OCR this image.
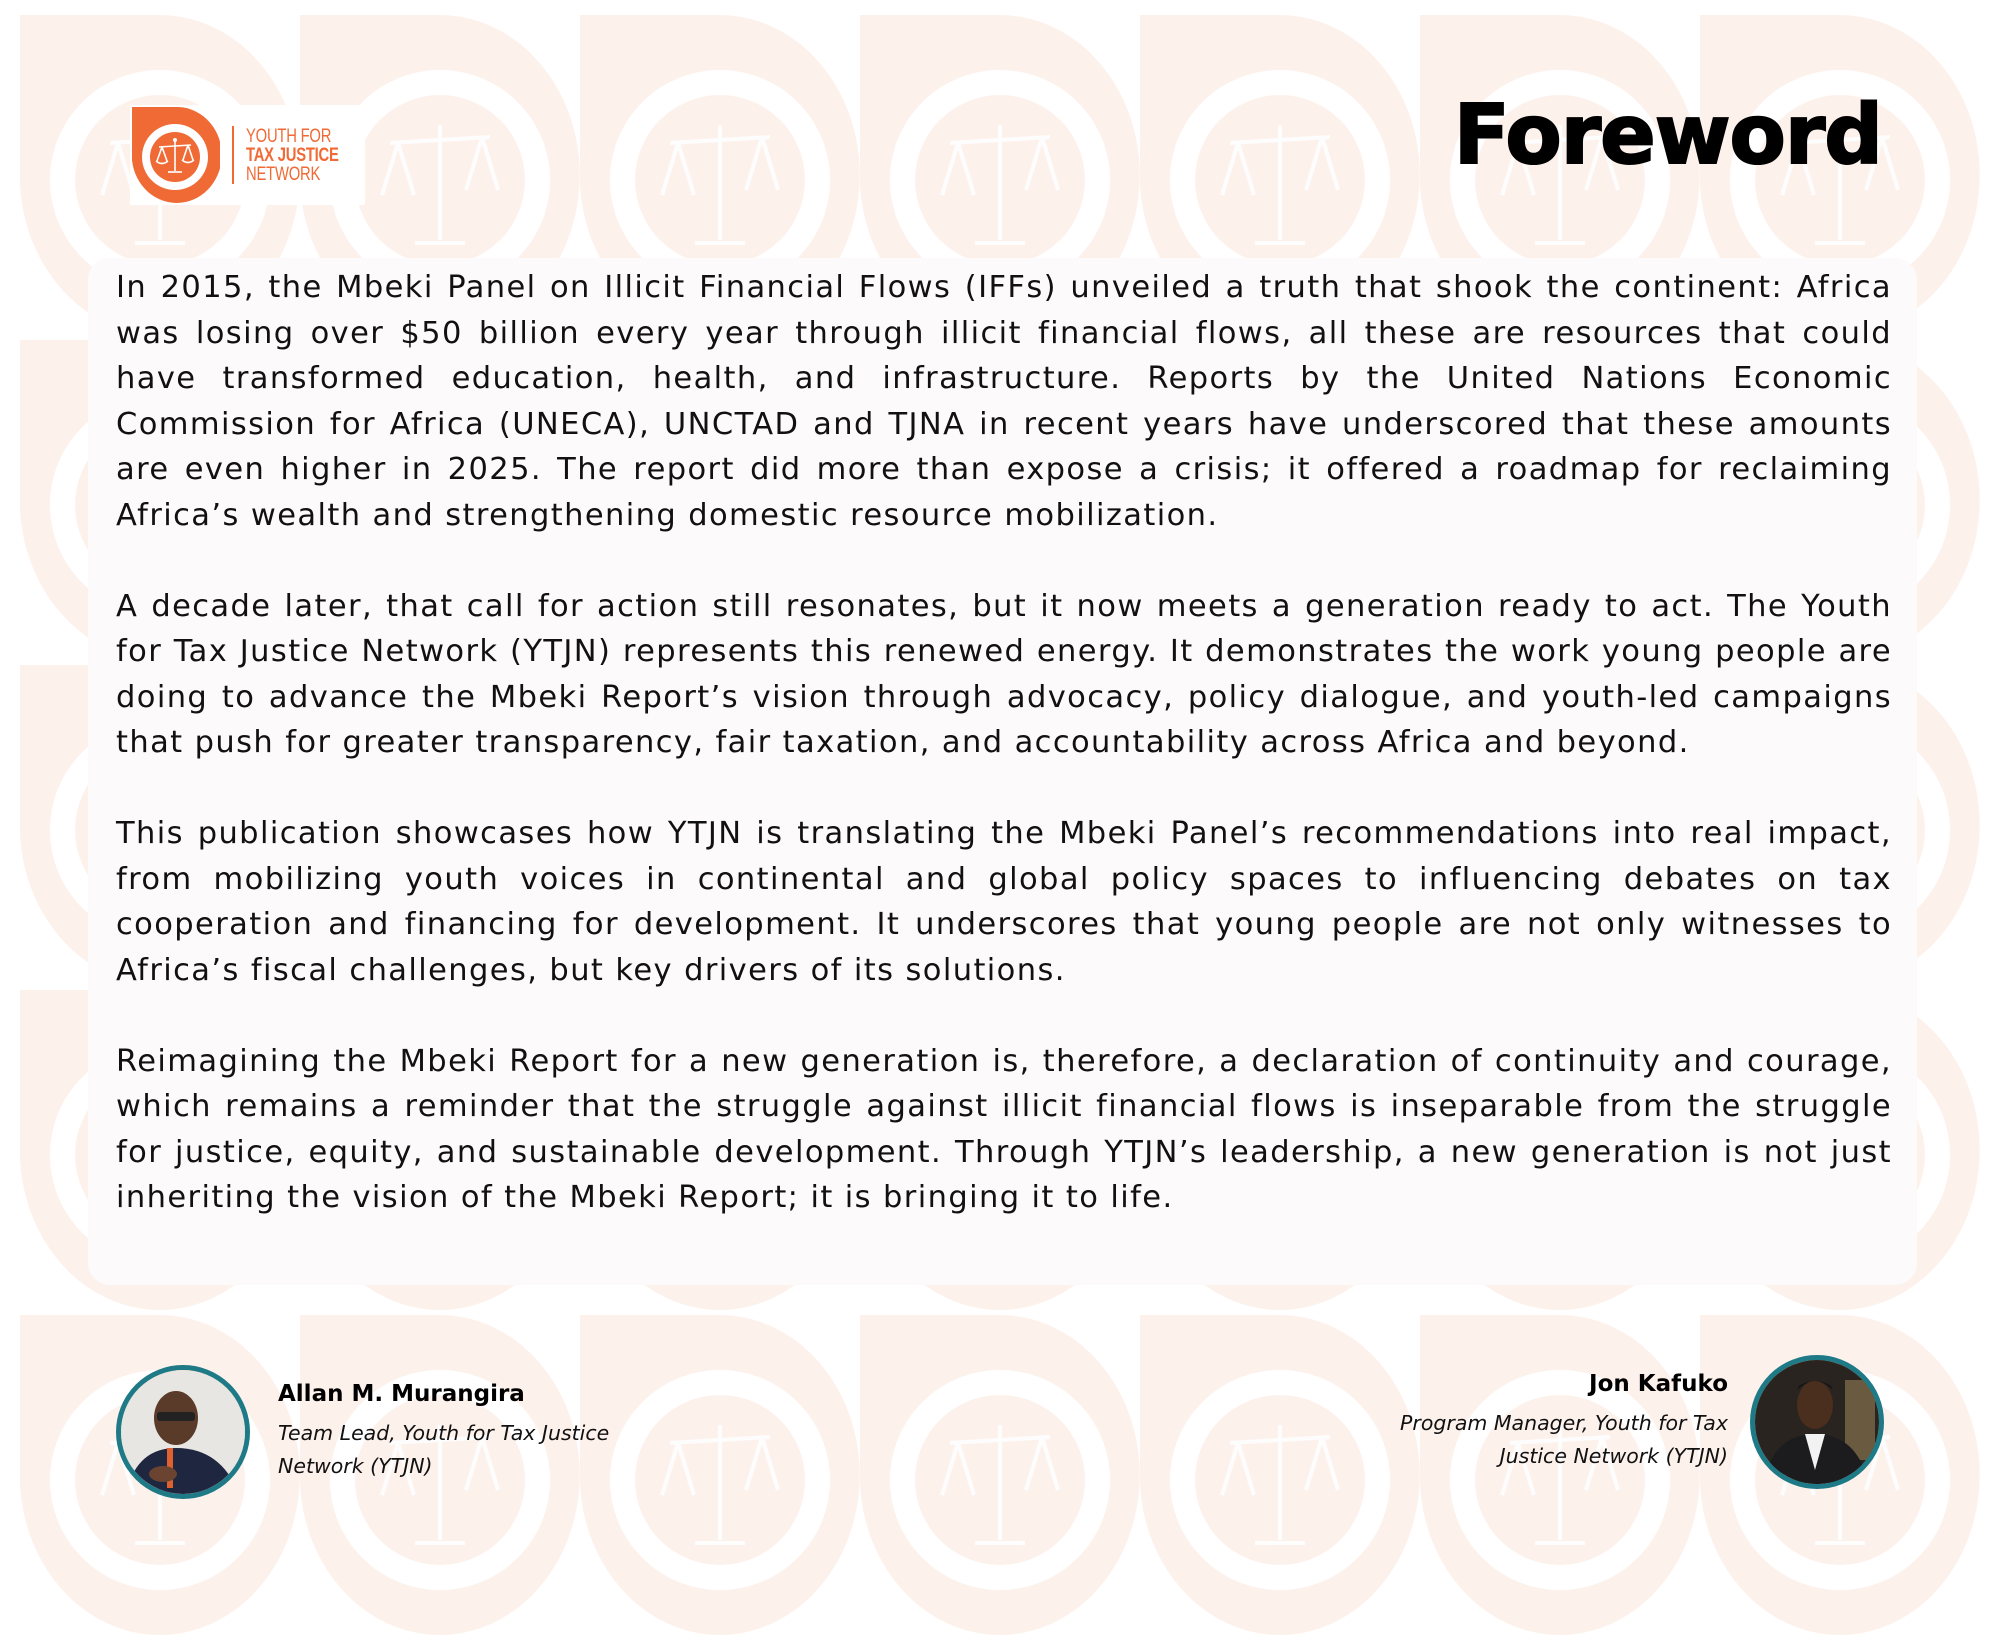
YOUTH FOR
TAX JUSTICE
NETWORK	Foreword

In 2015, the Mbeki Panel on Illicit Financial Flows (IFFs) unveiled a truth that shook the continent: Africa was losing over $50 billion every year through illicit financial flows, all these are resources that could have transformed education, health, and infrastructure. Reports by the United Nations Economic Commission for Africa (UNECA), UNCTAD and TJNA in recent years have underscored that these amounts are even higher in 2025. The report did more than expose a crisis; it offered a roadmap for reclaiming Africa’s wealth and strengthening domestic resource mobilization.

A decade later, that call for action still resonates, but it now meets a generation ready to act. The Youth for Tax Justice Network (YTJN) represents this renewed energy. It demonstrates the work young people are doing to advance the Mbeki Report’s vision through advocacy, policy dialogue, and youth-led campaigns that push for greater transparency, fair taxation, and accountability across Africa and beyond.

This publication showcases how YTJN is translating the Mbeki Panel’s recommendations into real impact, from mobilizing youth voices in continental and global policy spaces to influencing debates on tax cooperation and financing for development. It underscores that young people are not only witnesses to Africa’s fiscal challenges, but key drivers of its solutions.

Reimagining the Mbeki Report for a new generation is, therefore, a declaration of continuity and courage, which remains a reminder that the struggle against illicit financial flows is inseparable from the struggle for justice, equity, and sustainable development. Through YTJN’s leadership, a new generation is not just inheriting the vision of the Mbeki Report; it is bringing it to life.

Allan M. Murangira
Team Lead, Youth for Tax Justice Network (YTJN)
Jon Kafuko
Program Manager, Youth for Tax Justice Network (YTJN)
